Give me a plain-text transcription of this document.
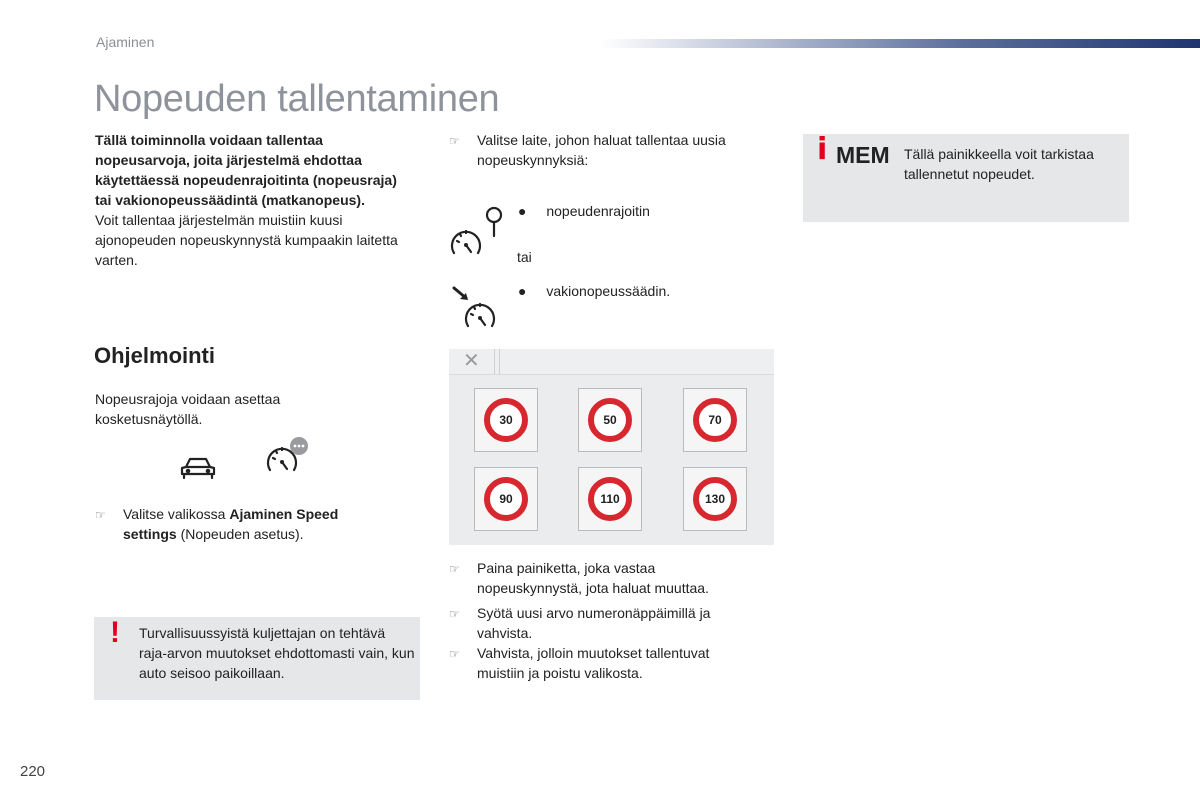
Ajaminen
Nopeuden tallentaminen
Tällä toiminnolla voidaan tallentaa nopeusarvoja, joita järjestelmä ehdottaa käytettäessä nopeudenrajoitinta (nopeusraja) tai vakionopeussäädintä (matkanopeus).
Voit tallentaa järjestelmän muistiin kuusi ajonopeuden nopeuskynnystä kumpaakin laitetta varten.
Ohjelmointi
Nopeusrajoja voidaan asettaa kosketusnäytöllä.
☞	Valitse valikossa Ajaminen Speed settings (Nopeuden asetus).
! Turvallisuussyistä kuljettajan on tehtävä raja-arvon muutokset ehdottomasti vain, kun auto seisoo paikoillaan.
☞	Valitse laite, johon haluat tallentaa uusia nopeuskynnyksiä:
● nopeudenrajoitin
tai
● vakionopeussäädin.
✕
30	50	70
90	110	130
☞	Paina painiketta, joka vastaa nopeuskynnystä, jota haluat muuttaa.
☞	Syötä uusi arvo numeronäppäimillä ja vahvista.
☞	Vahvista, jolloin muutokset tallentuvat muistiin ja poistu valikosta.
i MEM Tällä painikkeella voit tarkistaa tallennetut nopeudet.
220
